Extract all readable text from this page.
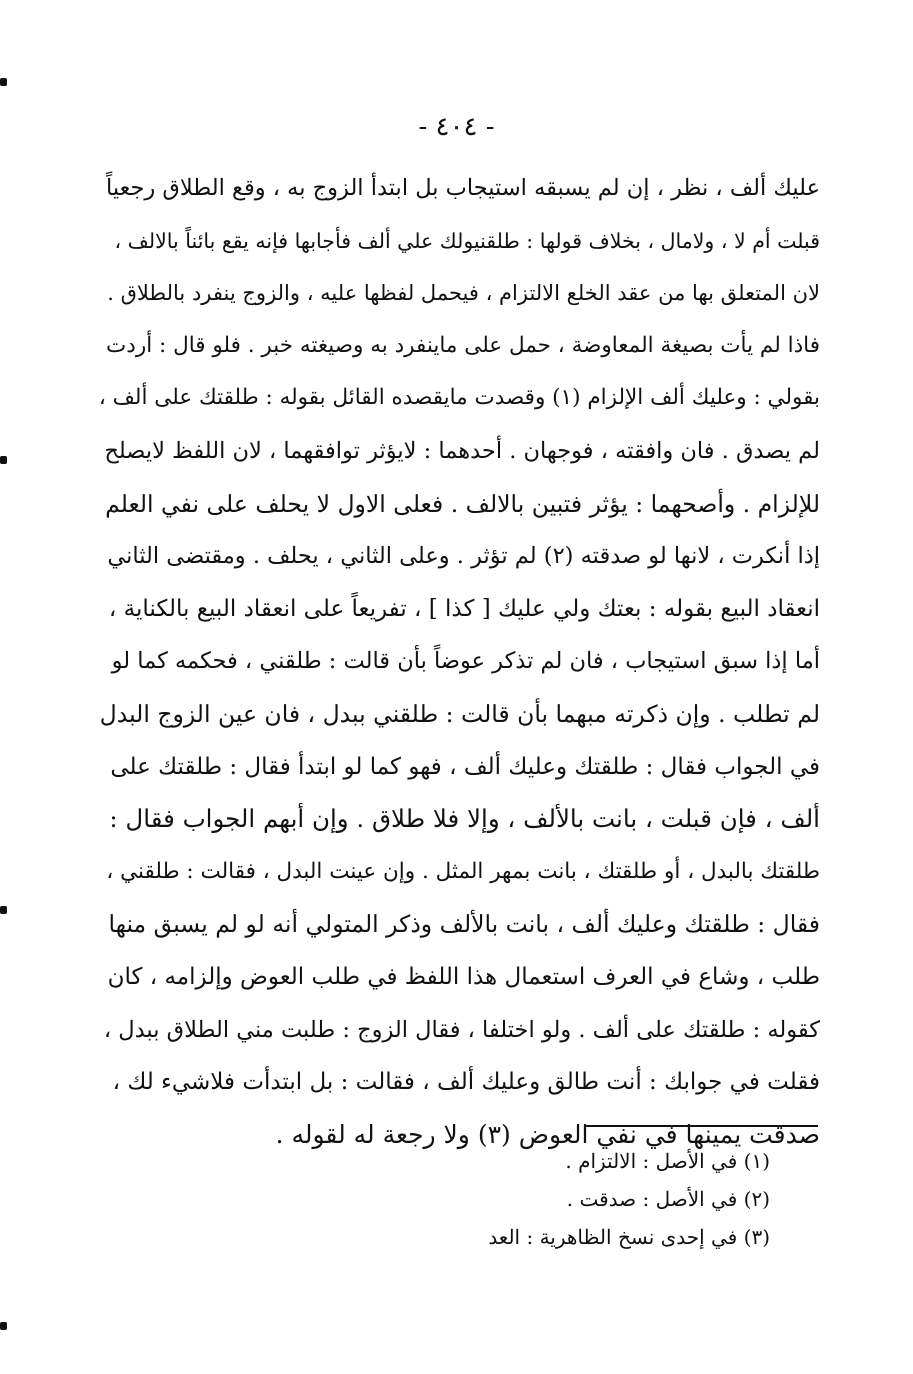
- ٤٠٤ -
عليك ألف ، نظر ، إن لم يسبقه استيجاب بل ابتدأ الزوج به ، وقع الطلاق رجعياً
قبلت أم لا ، ولامال ، بخلاف قولها : طلقنيولك علي ألف فأجابها فإنه يقع بائناً بالالف ،
لان المتعلق بها من عقد الخلع الالتزام ، فيحمل لفظها عليه ، والزوج ينفرد بالطلاق .
فاذا لم يأت بصيغة المعاوضة ، حمل على ماينفرد به وصيغته خبر . فلو قال : أردت
بقولي : وعليك ألف الإلزام (١) وقصدت مايقصده القائل بقوله : طلقتك على ألف ،
لم يصدق . فان وافقته ، فوجهان . أحدهما : لايؤثر توافقهما ، لان اللفظ لايصلح
للإلزام . وأصحهما : يؤثر فتبين بالالف . فعلى الاول لا يحلف على نفي العلم
إذا أنكرت ، لانها لو صدقته (٢) لم تؤثر . وعلى الثاني ، يحلف . ومقتضى الثاني
انعقاد البيع بقوله : بعتك ولي عليك [ كذا ] ، تفريعاً على انعقاد البيع بالكناية ،
أما إذا سبق استيجاب ، فان لم تذكر عوضاً بأن قالت : طلقني ، فحكمه كما لو
لم تطلب . وإن ذكرته مبهما بأن قالت : طلقني ببدل ، فان عين الزوج البدل
في الجواب فقال : طلقتك وعليك ألف ، فهو كما لو ابتدأ فقال : طلقتك على
ألف ، فإن قبلت ، بانت بالألف ، وإلا فلا طلاق . وإن أبهم الجواب فقال :
طلقتك بالبدل ، أو طلقتك ، بانت بمهر المثل . وإن عينت البدل ، فقالت : طلقني ،
فقال : طلقتك وعليك ألف ، بانت بالألف وذكر المتولي أنه لو لم يسبق منها
طلب ، وشاع في العرف استعمال هذا اللفظ في طلب العوض وإلزامه ، كان
كقوله : طلقتك على ألف . ولو اختلفا ، فقال الزوج : طلبت مني الطلاق ببدل ،
فقلت في جوابك : أنت طالق وعليك ألف ، فقالت : بل ابتدأت فلاشيء لك ،
صدقت يمينها في نفي العوض (٣) ولا رجعة له لقوله .
(١) في الأصل : الالتزام .
(٢) في الأصل : صدقت .
(٣) في إحدى نسخ الظاهرية : العد
